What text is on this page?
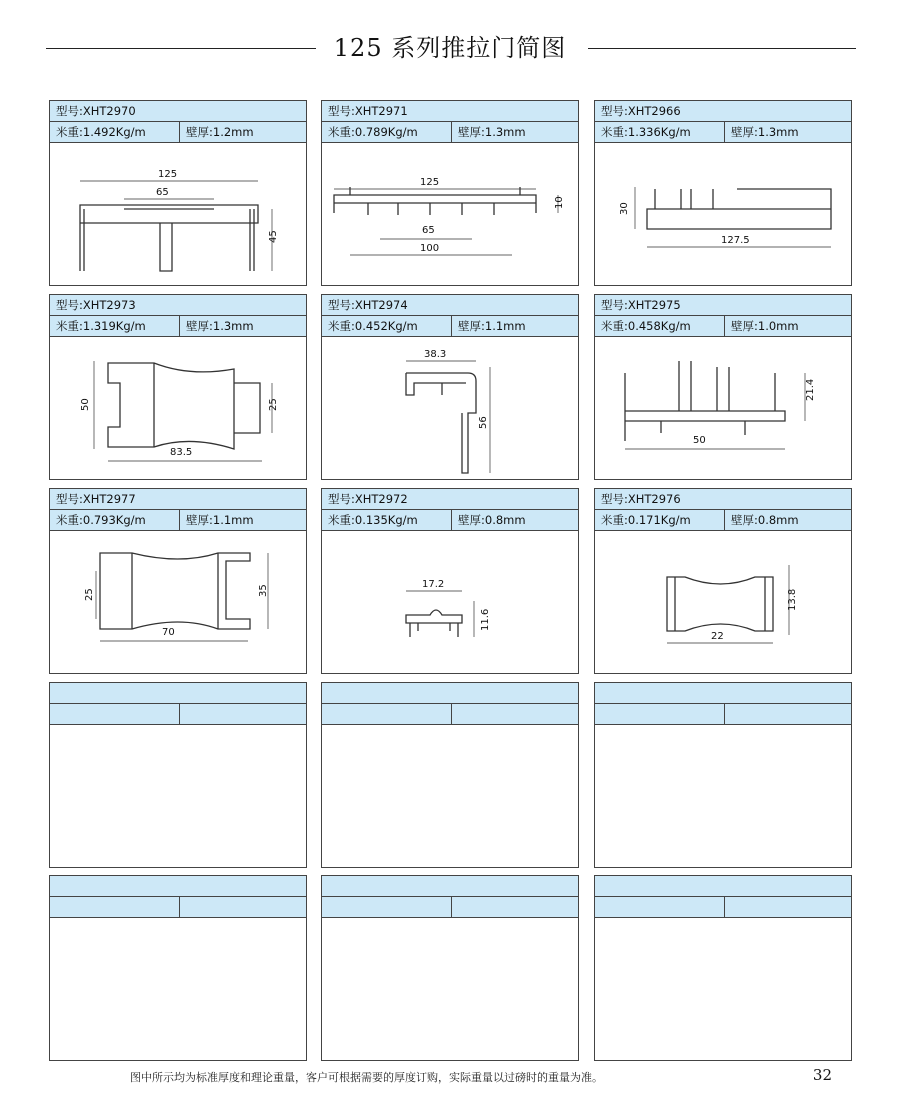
125 系列推拉门简图
型号:XHT2970
米重:1.492Kg/m	壁厚:1.2mm
125
65
45
型号:XHT2971
米重:0.789Kg/m	壁厚:1.3mm
125
10
65
100
型号:XHT2966
米重:1.336Kg/m	壁厚:1.3mm
30
127.5
型号:XHT2973
米重:1.319Kg/m	壁厚:1.3mm
50	25
83.5
型号:XHT2974
米重:0.452Kg/m	壁厚:1.1mm
38.3
56
型号:XHT2975
米重:0.458Kg/m	壁厚:1.0mm
21.4
50
型号:XHT2977
米重:0.793Kg/m	壁厚:1.1mm
25	35
70
型号:XHT2972
米重:0.135Kg/m	壁厚:0.8mm
17.2
11.6
型号:XHT2976
米重:0.171Kg/m	壁厚:0.8mm
13.8
22
图中所示均为标准厚度和理论重量，客户可根据需要的厚度订购，实际重量以过磅时的重量为准。	32
